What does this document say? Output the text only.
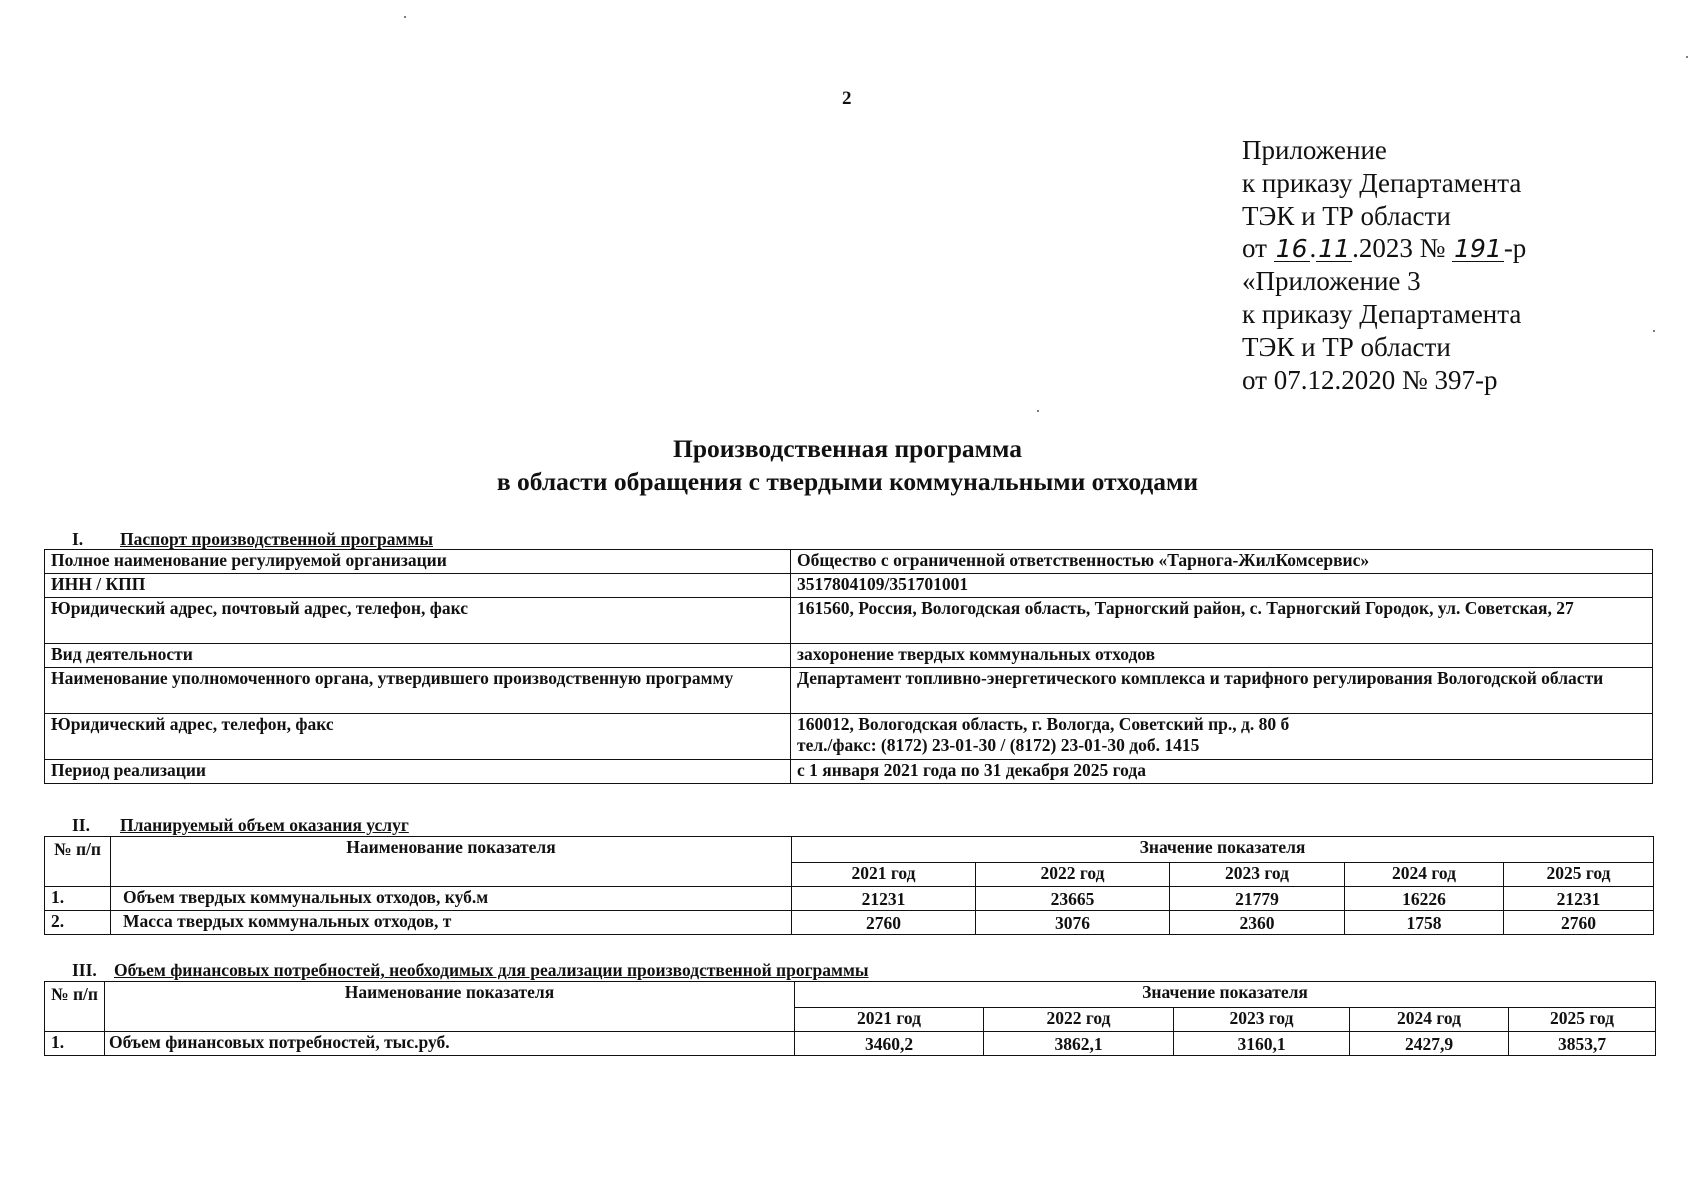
2
Приложение
к приказу Департамента
ТЭК и ТР области
от 16.11.2023 № 191-р
«Приложение 3
к приказу Департамента
ТЭК и ТР области
от 07.12.2020 № 397-р
Производственная программа
в области обращения с твердыми коммунальными отходами
I. Паспорт производственной программы
Полное наименование регулируемой организации	Общество с ограниченной ответственностью «Тарнога-ЖилКомсервис»
ИНН / КПП	3517804109/351701001
Юридический адрес, почтовый адрес, телефон, факс	161560, Россия, Вологодская область, Тарногский район, с. Тарногский Городок, ул. Советская, 27
Вид деятельности	захоронение твердых коммунальных отходов
Наименование уполномоченного органа, утвердившего производственную программу	Департамент топливно-энергетического комплекса и тарифного регулирования Вологодской области
Юридический адрес, телефон, факс	160012, Вологодская область, г. Вологда, Советский пр., д. 80 б
тел./факс: (8172) 23-01-30 / (8172) 23-01-30 доб. 1415

Период реализации	с 1 января 2021 года по 31 декабря 2025 года
II. Планируемый объем оказания услуг
№ п/п	Наименование показателя	Значение показателя				
		2021 год	2022 год	2023 год	2024 год	2025 год
1.	Объем твердых коммунальных отходов, куб.м	21231	23665	21779	16226	21231
2.	Масса твердых коммунальных отходов, т	2760	3076	2360	1758	2760
III. Объем финансовых потребностей, необходимых для реализации производственной программы
№ п/п	Наименование показателя	Значение показателя				
		2021 год	2022 год	2023 год	2024 год	2025 год
1.	Объем финансовых потребностей, тыс.руб.	3460,2	3862,1	3160,1	2427,9	3853,7
